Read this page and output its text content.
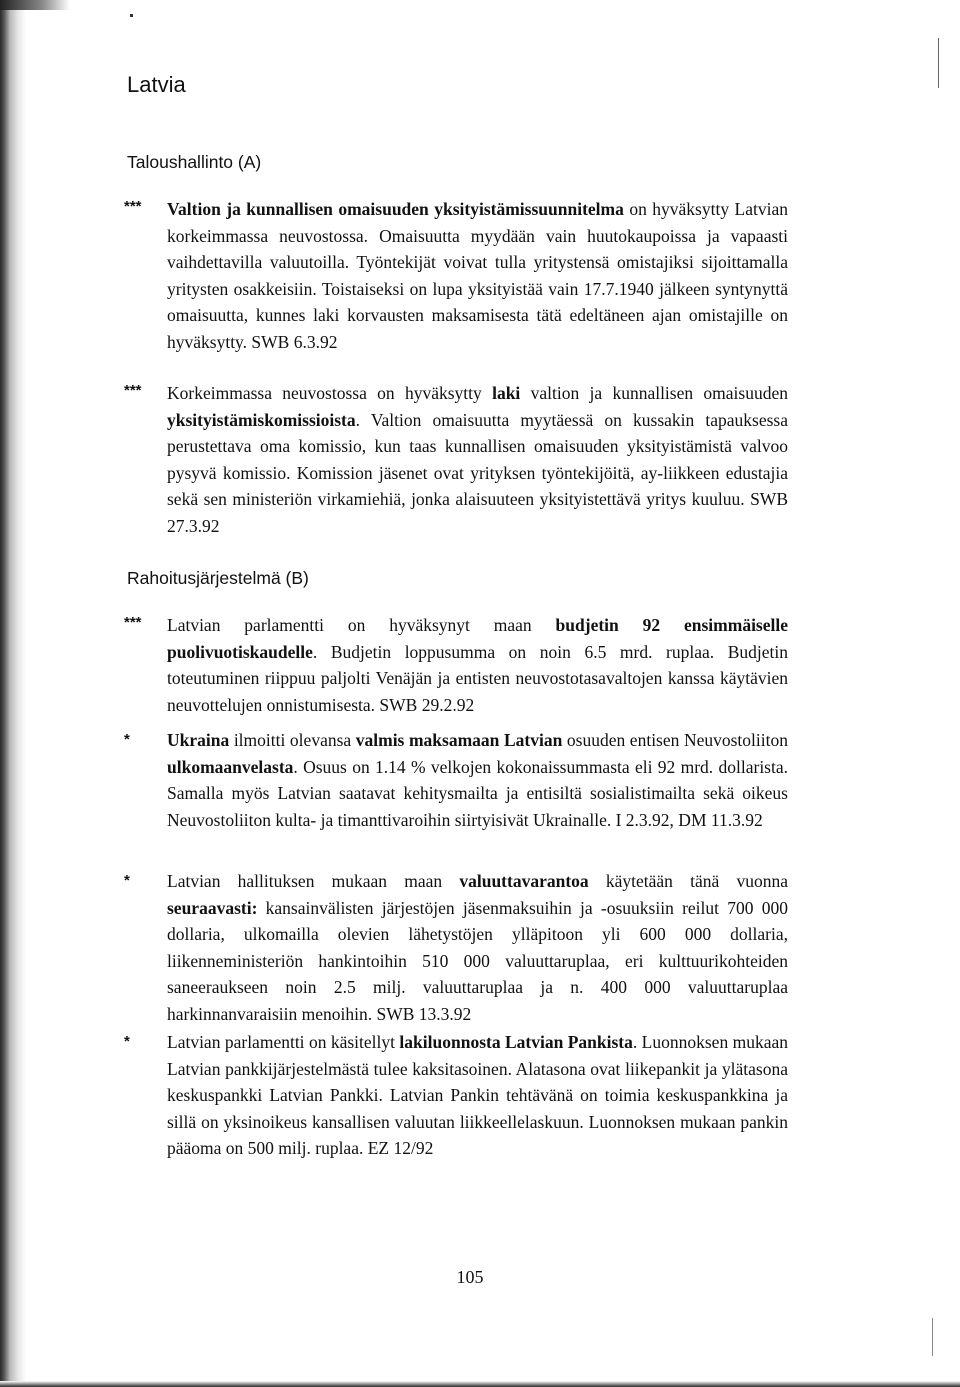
Latvia
Taloushallinto (A)
*** Valtion ja kunnallisen omaisuuden yksityistämissuunnitelma on hyväksytty Latvian korkeimmassa neuvostossa. Omaisuutta myydään vain huutokaupoissa ja vapaasti vaihdettavilla valuutoilla. Työntekijät voivat tulla yritystensä omistajiksi sijoittamalla yritysten osakkeisiin. Toistaiseksi on lupa yksityistää vain 17.7.1940 jälkeen syntynyttä omaisuutta, kunnes laki korvausten maksamisesta tätä edeltäneen ajan omistajille on hyväksytty. SWB 6.3.92

*** Korkeimmassa neuvostossa on hyväksytty laki valtion ja kunnallisen omaisuuden yksityistämiskomissioista. Valtion omaisuutta myytäessä on kussakin tapauksessa perustettava oma komissio, kun taas kunnallisen omaisuuden yksityistämistä valvoo pysyvä komissio. Komission jäsenet ovat yrityksen työntekijöitä, ay-liikkeen edustajia sekä sen ministeriön virkamiehiä, jonka alaisuuteen yksityistettävä yritys kuuluu. SWB 27.3.92

Rahoitusjärjestelmä (B)
*** Latvian parlamentti on hyväksynyt maan budjetin 92 ensimmäiselle puolivuotiskaudelle. Budjetin loppusumma on noin 6.5 mrd. ruplaa. Budjetin toteutuminen riippuu paljolti Venäjän ja entisten neuvostotasavaltojen kanssa käytävien neuvottelujen onnistumisesta. SWB 29.2.92

* Ukraina ilmoitti olevansa valmis maksamaan Latvian osuuden entisen Neuvostoliiton ulkomaanvelasta. Osuus on 1.14 % velkojen kokonaissummasta eli 92 mrd. dollarista. Samalla myös Latvian saatavat kehitysmailta ja entisiltä sosialistimailta sekä oikeus Neuvostoliiton kulta- ja timanttivaroihin siirtyisivät Ukrainalle. I 2.3.92, DM 11.3.92

* Latvian hallituksen mukaan maan valuuttavarantoa käytetään tänä vuonna seuraavasti: kansainvälisten järjestöjen jäsenmaksuihin ja -osuuksiin reilut 700 000 dollaria, ulkomailla olevien lähetystöjen ylläpitoon yli 600 000 dollaria, liikenneministeriön hankintoihin 510 000 valuuttaruplaa, eri kulttuurikohteiden saneeraukseen noin 2.5 milj. valuuttaruplaa ja n. 400 000 valuuttaruplaa harkinnanvaraisiin menoihin. SWB 13.3.92

* Latvian parlamentti on käsitellyt lakiluonnosta Latvian Pankista. Luonnoksen mukaan Latvian pankkijärjestelmästä tulee kaksitasoinen. Alatasona ovat liikepankit ja ylätasona keskuspankki Latvian Pankki. Latvian Pankin tehtävänä on toimia keskuspankkina ja sillä on yksinoikeus kansallisen valuutan liikkeellelaskuun. Luonnoksen mukaan pankin pääoma on 500 milj. ruplaa. EZ 12/92

105
